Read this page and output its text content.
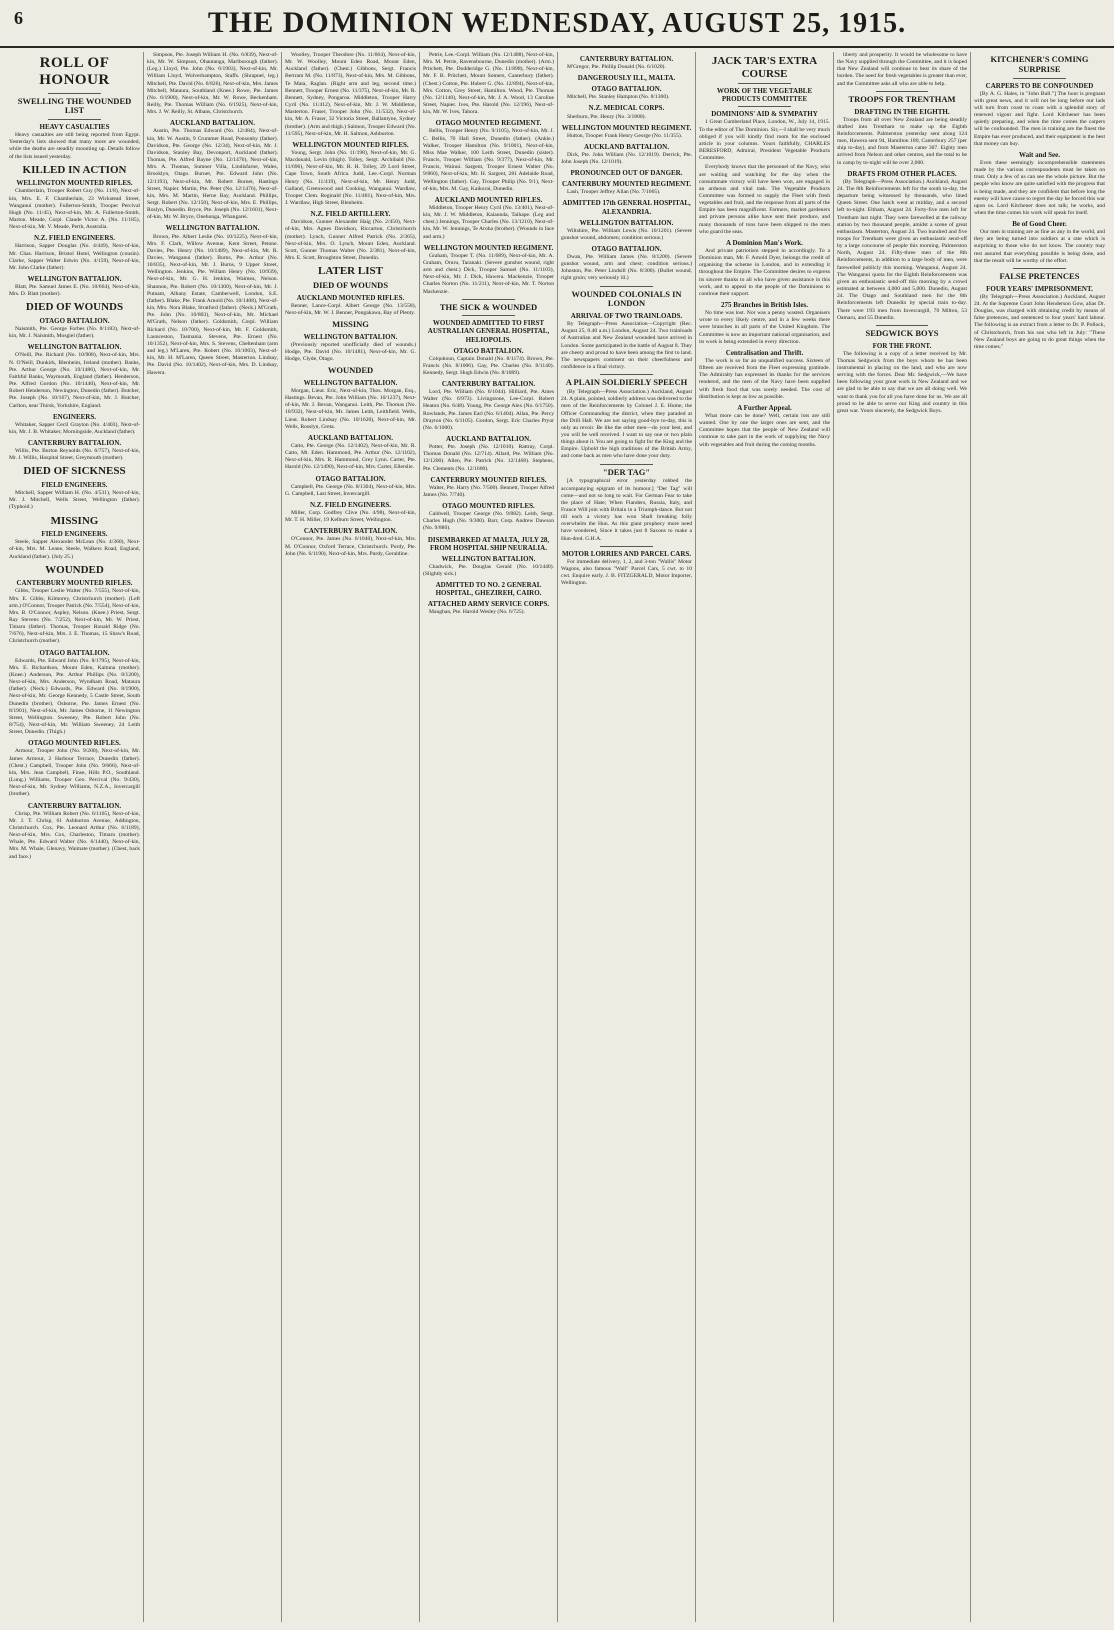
6	THE DOMINION WEDNESDAY, AUGUST 25, 1915.
ROLL OF HONOUR
SWELLING THE WOUNDED LIST
HEAVY CASUALTIES

Heavy casualties are still being reported from Egypt. Yesterday's lists showed that many more are wounded, while the deaths are steadily mounting up. Details follow of the lists issued yesterday.

KILLED IN ACTION
WELLINGTON MOUNTED RIFLES.

Chamberlain, Trooper Robert Guy (No. 11/8), Next-of-kin, Mrs. E. F. Chamberlain, 23 Wickstead Street, Wanganui (mother). Fullerton-Smith, Trooper Percival Hugh (No. 11/45), Next-of-kin, Mr. A. Fullerton-Smith, Marton. Meade, Corpl. Claude Victor A. (No. 11/185), Next-of-kin, Mr. V. Meade, Perth, Australia.

N.Z. FIELD ENGINEERS.

Harrison, Sapper Douglas (No. 4/449), Next-of-kin, Mr. Chas. Harrison, Bristol Hotel, Wellington (cousin). Clarke, Sapper Walter Edwin (No. 4/159), Next-of-kin, Mr. John Clarke (father).

WELLINGTON BATTALION.

Blatt, Pte. Samuel James E. (No. 10/664), Next-of-kin, Mrs. D. Blatt (mother).

DIED OF WOUNDS
OTAGO BATTALION.

Naismith, Pte. George Forbes (No. 8/1183), Next-of-kin, Mr. J. Naismith, Mosgiel (father).

WELLINGTON BATTALION.

O'Neill, Pte. Richard (No. 10/908), Next-of-kin, Mrs. N. O'Neill, Dunkirk, Blenheim, Ireland (mother). Banks, Pte. Arthur George (No. 10/1486), Next-of-kin, Mr. Faithful Banks, Waymouth, England (father). Henderson, Pte. Alfred Gordon (No. 10/1440), Next-of-kin, Mr. Robert Henderson, Newington, Dunedin (father). Butcher, Pte. Joseph (No. 10/167), Next-of-kin, Mr. J. Butcher, Carlton, near Thirsk, Yorkshire, England.

ENGINEERS.

Whitaker, Sapper Cecil Grayton (No. 4/403), Next-of-kin, Mr. J. B. Whitaker, Morningside, Auckland (father).

CANTERBURY BATTALION.

Willis, Pte. Burton Reynolds (No. 6/757), Next-of-kin, Mr. J. Willis, Hospital Street, Greymouth (mother).

DIED OF SICKNESS
FIELD ENGINEERS.

Mitchell, Sapper William H. (No. 4/531), Next-of-kin, Mr. J. Mitchell, Wells Street, Wellington (father). (Typhoid.)

MISSING
FIELD ENGINEERS.

Steele, Sapper Alexander McLean (No. 4/360), Next-of-kin, Mrs. M. Leane, Steele, Walkers Road, England, Auckland (father). (July 25.)

WOUNDED
CANTERBURY MOUNTED RIFLES.

Gibbs, Trooper Leslie Walter (No. 7/555), Next-of-kin, Mrs. E. Gibbs, Kilmorey, Christchurch (mother). (Left arm.) O'Connor, Trooper Patrick (No. 7/554), Next-of-kin, Mrs. B. O'Connor, Aspley, Nelson. (Knee.) Priest, Sergt. Ray Stevens (No. 7/252), Next-of-kin, Mr. W. Priest, Timaru (father). Thomas, Trooper Ronald Ridge (No. 7/676), Next-of-kin, Mrs. J. E. Thomas, 15 Shaw's Road, Christchurch (mother).

OTAGO BATTALION.

Edwards, Pte. Edward John (No. 8/1795), Next-of-kin, Mrs. E. Richardson, Mount Eden, Kaituna (mother). (Knee.) Anderson, Pte. Arthur Phillips (No. 8/1200), Next-of-kin, Mrs. Anderson, Wyndham Road, Mataura (father). (Neck.) Edwards, Pte. Edward (No. 8/1900), Next-of-kin, Mr. George Kennedy, 5 Castle Street, South Dunedin (brother). Osborne, Pte. James Ernest (No. 8/1901), Next-of-kin, Mr. James Osborne, 11 Newington Street, Wellington. Sweeney, Pte. Robert John (No. 8/754), Next-of-kin, Mr. William Sweeney, 24 Leith Street, Dunedin. (Thigh.)

OTAGO MOUNTED RIFLES.

Armour, Trooper John (No. 9/200), Next-of-kin, Mr. James Armour, 2 Harbour Terrace, Dunedin (father). (Chest.) Campbell, Trooper John (No. 9/666), Next-of-kin, Mrs. Jean Campbell, Finse, Hills P.O., Southland. (Lung.) Williams, Trooper Geo. Percival (No. 9/430), Next-of-kin, Mr. Sydney Williams, N.Z.A., Invercargill (brother).

CANTERBURY BATTALION.

Chrisp, Pte. William Robert (No. 6/1165), Next-of-kin, Mr. J. T. Chrisp, 61 Ashburton Avenue, Addington, Christchurch. Cox, Pte. Leonard Arthur (No. 6/1189), Next-of-kin, Mrs. Cox, Charleston, Timaru (mother). Whale, Pte. Edward Walter (No. 6/1440), Next-of-kin, Mrs. M. Whale, Glenavy, Waimate (mother). (Chest, back and face.)

Simpson, Pte. Joseph William H. (No. 6/839), Next-of-kin, Mr. W. Simpson, Ohautanga, Marlborough (father). (Leg.) Lloyd, Pte. John (No. 6/1903), Next-of-kin, Mr. William Lloyd, Wolverhampton, Staffs. (Shrapnel, leg.) Mitchell, Pte. David (No. 6/826), Next-of-kin, Mrs. James Mitchell, Mataura, Southland (Knee.) Rowe, Pte. James (No. 6/1900), Next-of-kin, Mr. W. Rowe, Beckenham. Reilly, Pte. Thomas William (No. 6/1925), Next-of-kin, Mrs. J. W. Reilly, St. Albans, Christchurch.

AUCKLAND BATTALION.

Austin, Pte. Thomas Edward (No. 12/484), Next-of-kin, Mr. W. Austin, 9 Crummer Road, Ponsonby (father). Davidson, Pte. George (No. 12/34), Next-of-kin, Mr. J. Davidson, Stanley Bay, Devonport, Auckland (father). Thomas, Pte. Alfred Bayne (No. 12/1476), Next-of-kin, Mrs. A. Thomas, Sumner Villa, Lindisfarne, Wales, Brooklyn, Otago. Burnet, Pte. Edward John (No. 12/1193), Next-of-kin, Mr. Robert Burnet, Hastings Street, Napier. Martin, Pte. Peter (No. 12/1476), Next-of-kin, Mrs. M. Martin, Herne Bay, Auckland. Phillips, Sergt. Robert (No. 12/150), Next-of-kin, Mrs. E. Phillips, Roslyn, Dunedin. Bryce, Pte. Joseph (No. 12/1601), Next-of-kin, Mr. W. Bryce, Onehunga, Whangarei.

WELLINGTON BATTALION.

Brown, Pte. Albert Leslie (No. 10/1225), Next-of-kin, Mrs. F. Clark, Willow Avenue, Kent Street, Petone. Davies, Pte. Henry (No. 10/1489), Next-of-kin, Mr. R. Davies, Wanganui (father). Burns, Pte. Arthur (No. 10/835), Next-of-kin, Mr. J. Burns, 9 Upper Street, Wellington. Jenkins, Pte. Willam Henry (No. 10/939), Next-of-kin, Mr. G. H. Jenkins, Waimea, Nelson. Shannon, Pte. Robert (No. 10/1300), Next-of-kin, Mr. J. Putnam, Albany Estate, Camberwell, London, S.E. (father). Blake, Pte. Frank Arnold (No. 10/1408), Next-of-kin, Mrs. Nora Blake, Stratford (father). (Neck.) M'Grath, Pte. John (No. 10/803), Next-of-kin, Mr. Michael M'Grath, Nelson (father). Goldsmith, Corpl. William Richard (No. 10/700), Next-of-kin, Mr. F. Goldsmith, Launceston, Tasmania. Stevens, Pte. Ernest (No. 10/1352), Next-of-kin, Mrs. S. Stevens, Cheltenham (arm and leg.) M'Laren, Pte. Robert (No. 10/1003), Next-of-kin, Mr. H. M'Laren, Queen Street, Masterton. Lindsay, Pte. David (No. 10/1402), Next-of-kin, Mrs. D. Lindsay, Hawera.

Woolley, Trooper Theodore (No. 11/664), Next-of-kin, Mr. W. Woolley, Mount Eden Road, Mount Eden, Auckland (father). (Chest.) Gibbons, Sergt. Francis Bertram M. (No. 11/873), Next-of-kin, Mrs. M. Gibbons, Te Mata, Raglan. (Right arm and leg, second time.) Bennett, Trooper Ernest (No. 11/375), Next-of-kin, Mr. R. Bennett, Sydney, Pongaroa. Middleton, Trooper Harry Cyril (No. 11/412), Next-of-kin, Mr. J. W. Middleton, Masterton. Fraser, Trooper John (No. 11/532), Next-of-kin, Mr. A. Fraser, 32 Victoria Street, Ballantyne, Sydney (brother). (Arm and thigh.) Salmon, Trooper Edward (No. 11/595), Next-of-kin, Mr. H. Salmon, Ashburton.

WELLINGTON MOUNTED RIFLES.

Young, Sergt. John (No. 11/198), Next-of-kin, Mr. G. Macdonald, Levin (thigh). Tolley, Sergt. Archibald (No. 11/696), Next-of-kin, Mr. R. H. Tolley, 29 Lord Street, Cape Town, South Africa. Judd, Lee.-Corpl. Norman Henry (No. 11/419), Next-of-kin, Mr. Henry Judd, Galland, Greenwood and Cooking, Wanganui. Wardlaw, Trooper Clem. Reginald (No. 11/481), Next-of-kin, Mrs. J. Wardlaw, High Street, Blenheim.

N.Z. FIELD ARTILLERY.

Davidson, Gunner Alexander Haig (No. 2/450), Next-of-kin, Mrs. Agnes Davidson, Riccarton, Christchurch (mother). Lynch, Gunner Alfred Patrick (No. 2/365), Next-of-kin, Mrs. O. Lynch, Mount Eden, Auckland. Scott, Gunner Thomas Walter (No. 2/381), Next-of-kin, Mrs. E. Scott, Broughton Street, Dunedin.

LATER LIST
DIED OF WOUNDS
AUCKLAND MOUNTED RIFLES.

Benner, Lance-Corpl. Albert George (No. 13/558), Next-of-kin, Mr. W. J. Benner, Pongakawa, Bay of Plenty.

MISSING
WELLINGTON BATTALION.

(Previously reported unofficially died of wounds.) Hodge, Pte. David (No. 10/1481), Next-of-kin, Mr. G. Hodge, Clyde, Otago.

WOUNDED
WELLINGTON BATTALION.

Morgan, Lieut. Eric, Next-of-kin, Thos. Morgan, Esq., Hastings. Bevan, Pte. John William (No. 10/1237), Next-of-kin, Mr. J. Bevan, Wanganui. Leith, Pte. Thomas (No. 10/932), Next-of-kin, Mr. James Leith, Leithfield. Wells, Lieut. Robert Lindsay (No. 10/1620), Next-of-kin, Mr. Wells, Rosslyn, Greta.

AUCKLAND BATTALION.

Catto, Pte. George (No. 12/1402), Next-of-kin, Mr. R. Catto, Mt. Eden. Hammond, Pte. Arthur (No. 12/1102), Next-of-kin, Mrs. R. Hammond, Grey Lynn. Carter, Pte. Harold (No. 12/1490), Next-of-kin, Mrs. Carter, Ellerslie.

OTAGO BATTALION.

Campbell, Pte. George (No. 8/1304), Next-of-kin, Mrs. G. Campbell, Last Street, Invercargill.

N.Z. FIELD ENGINEERS.

Miller, Corp. Godfrey Clive (No. 4/98), Next-of-kin, Mr. T. H. Miller, 19 Kelburn Street, Wellington.

CANTERBURY BATTALION.

O'Connor, Pte. James (No. 6/1040), Next-of-kin, Mrs. M. O'Connor, Oxford Terrace, Christchurch. Purdy, Pte. John (No. 6/1190), Next-of-kin, Mrs. Purdy, Geraldine.

Petrie, Lee.-Corpl. William (No. 12/1488), Next-of-kin, Mrs. M. Petrie, Ravensbourne, Dunedin (mother). (Arm.) Pritchett, Pte. Dodderidge G. (No. 11/898), Next-of-kin, Mr. F. B. Pritchett, Mount Somers, Canterbury (father). (Chest.) Cotton, Pte. Hubert G. (No. 12/894), Next-of-kin, Mrs. Cotton, Grey Street, Hamilton. Wood, Pte. Thomas (No. 12/1140), Next-of-kin, Mr. J. A. Wood, 13 Caroline Street, Napier. Ives, Pte. Harold (No. 12/196), Next-of-kin, Mr. W. Ives, Tahora.

OTAGO MOUNTED REGIMENT.

Bellis, Trooper Henry (No. 9/1105), Next-of-kin, Mr. J. C. Bellis, 70 Hall Street, Dunedin (father). (Ankle.) Walker, Trooper Hamilton (No. 9/1001), Next-of-kin, Miss Mae Walker, 100 Leith Street, Dunedin (sister). Francis, Trooper William (No. 9/377), Next-of-kin, Mr. Francis, Wainui. Sargent, Trooper Ernest Walter (No. 9/860), Next-of-kin, Mr. H. Sargent, 281 Adelaide Road, Wellington (father). Gay, Trooper Philip (No. 9/1), Next-of-kin, Mrs. M. Gay, Kaikorai, Dunedin.

AUCKLAND MOUNTED RIFLES.

Middleton, Trooper Henry Cyril (No. 13/401), Next-of-kin, Mr. J. W. Middleton, Kaiaunda, Taihape. (Leg and chest.) Jennings, Trooper Charles (No. 13/1210), Next-of-kin, Mr. W. Jennings, Te Aroha (brother). (Wounds in face and arm.)

WELLINGTON MOUNTED REGIMENT.

Graham, Trooper T. (No. 11/689), Next-of-kin, Mr. A. Graham, Oruru, Taranaki. (Severe gunshot wound, right arm and chest.) Dick, Trooper Samuel (No. 11/1103), Next-of-kin, Mr. J. Dick, Hawera. Mackenzie, Trooper Charles Norton (No. 11/211), Next-of-kin, Mr. T. Norton Mackenzie.

THE SICK & WOUNDED
WOUNDED ADMITTED TO FIRST AUSTRALIAN GENERAL HOSPITAL, HELIOPOLIS.
OTAGO BATTALION.

Colquhoun, Captain Donald (No. 8/1174). Brown, Pte. Francis (No. 8/1006). Gay, Pte. Charles (No. 8/1140). Kennedy, Sergt. Hugh Edwin (No. 8/1089).

CANTERBURY BATTALION.

Lord, Pte. William (No. 6/1044). Hilliard, Pte. Ames Walter (No. 6/973). Livingstone, Lee-Corpl. Robert Heaton (No. 6/48). Young, Pte. George Alex (No. 6/1750). Rowlands, Pte. James Earl (No. 6/1404). Allan, Pte. Percy Drayton (No. 6/1105). Gordon, Sergt. Eric Charles Pryor (No. 6/1000).

AUCKLAND BATTALION.

Potter, Pte. Joseph (No. 12/1010). Rattray, Corpl. Thomas Donald (No. 12/714). Allard, Pte. William (No. 12/1200). Allen, Pte. Patrick (No. 12/1468). Stephens, Pte. Clements (No. 12/1600).

CANTERBURY MOUNTED RIFLES.

Walter, Pte. Harry (No. 7/500). Bennett, Trooper Alfred James (No. 7/740).

OTAGO MOUNTED RIFLES.

Caldwell, Trooper George (No. 9/882). Leith, Sergt. Charles Hugh (No. 9/300). Barr, Corp. Andrew Dawson (No. 9/880).

DISEMBARKED AT MALTA, JULY 28, FROM HOSPITAL SHIP NEURALIA.
WELLINGTON BATTALION.

Chadwick, Pte. Douglas Gerald (No. 10/1440). (Slightly sick.)

ADMITTED TO NO. 2 GENERAL HOSPITAL, GHEZIREH, CAIRO.
ATTACHED ARMY SERVICE CORPS.

Maughan, Pte. Harold Wesley (No. 6/725).

CANTERBURY BATTALION.

M'Gregor, Pte. Phillip Donald (No. 6/1020).

DANGEROUSLY ILL, MALTA.
OTAGO BATTALION.

Mitchell, Pte. Stanley Hampton (No. 8/1300).

N.Z. MEDICAL CORPS.

Sherburn, Pte. Henry (No. 3/1800).

WELLINGTON MOUNTED REGIMENT.

Hutton, Trooper Frank Henry George (No. 11/355).

AUCKLAND BATTALION.

Dick, Pte. John William (No. 12/1019). Derrick, Pte. John Joseph (No. 12/1019).

PRONOUNCED OUT OF DANGER.
CANTERBURY MOUNTED REGIMENT.

Lash, Trooper Jeffrey Allan (No. 7/1065).

ADMITTED 17th GENERAL HOSPITAL, ALEXANDRIA.
WELLINGTON BATTALION.

Wiltshire, Pte. William Lewis (No. 10/1201). (Severe gunshot wound, abdomen; condition serious.)

OTAGO BATTALION.

Dwan, Pte. William James (No. 8/1200). (Severe gunshot wound, arm and chest; condition serious.) Johnston, Pte. Peter Lindsill (No. 8/300). (Bullet wound, right groin; very seriously ill.)

WOUNDED COLONIALS IN LONDON
ARRIVAL OF TWO TRAINLOADS.

By Telegraph—Press Association—Copyright (Rec. August 25, 0.40 a.m.) London, August 24. Two trainloads of Australian and New Zealand wounded have arrived in London. Some participated in the battle of August 8. They are cheery and proud to have been among the first to land. The newspapers comment on their cheerfulness and confidence in a final victory.

A PLAIN SOLDIERLY SPEECH

(By Telegraph—Press Association.) Auckland, August 24. A plain, pointed, soldierly address was delivered to the men of the Reinforcements by Colonel J. E. Hume, the Officer Commanding the district, when they paraded at the Drill Hall. We are not saying good-bye to-day, this is only au revoir. Be like the other men—do your best, and you will be well received. I want to say one or two plain things about it. You are going to fight for the King and the Empire. Uphold the high traditions of the British Army, and come back as men who have done your duty.

"DER TAG"

[A typographical error yesterday robbed the accompanying epigram of its humour.] "Der Tag" will come—and not so long to wait. For German Fear to take the place of Hate; When Flanders, Russia, Italy, and France Will join with Britain in a Triumph-dance. But not till each a victory has won Shall breaking folly overwhelm the Hun. As this giant prophecy more need have wondered, Since it takes just 8 Saxons to make a Hun-dred. G.H.A.

MOTOR LORRIES AND PARCEL CARS.

For immediate delivery, 1, 2, and 3-ton "Wallis" Motor Wagons, also famous "Wall" Parcel Cars, 5 cwt. to 10 cwt. Enquire early. J. B. FITZGERALD, Motor Importer, Wellington.

JACK TAR'S EXTRA COURSE
WORK OF THE VEGETABLE PRODUCTS COMMITTEE
DOMINIONS' AID & SYMPATHY

1 Great Cumberland Place, London, W., July 14, 1915. To the editor of The Dominion. Sir,—I shall be very much obliged if you will kindly find room for the enclosed article in your columns. Yours faithfully, CHARLES BERESFORD, Admiral, President Vegetable Products Committee.

Everybody knows that the personnel of the Navy, who are waiting and watching for the day when the consummate victory will have been won, are engaged in an arduous and vital task. The Vegetable Products Committee was formed to supply the Fleet with fresh vegetables and fruit, and the response from all parts of the Empire has been magnificent. Farmers, market gardeners and private persons alike have sent their produce, and many thousands of tons have been shipped to the men who guard the seas.

A Dominion Man's Work.

And private patriotism stepped in accordingly. To a Dominion man, Mr. F. Arnold Dyer, belongs the credit of organising the scheme in London, and in extending it throughout the Empire. The Committee desires to express its sincere thanks to all who have given assistance in this work, and to appeal to the people of the Dominions to continue their support.

275 Branches in British Isles.

No time was lost. Nor was a penny wasted. Organisers wrote to every likely centre, and in a few weeks there were branches in all parts of the United Kingdom. The Committee is now an important national organisation, and its work is being extended in every direction.

Centralisation and Thrift.

The work is so far an unqualified success. Sixteen of fifteen are received from the Fleet expressing gratitude. The Admiralty has expressed its thanks for the services rendered, and the men of the Navy have been supplied with fresh food that was sorely needed. The cost of distribution is kept as low as possible.

A Further Appeal.

What more can be done? Well, certain lots are still wanted. One by one the larger ones are sent, and the Committee hopes that the people of New Zealand will continue to take part in the work of supplying the Navy with vegetables and fruit during the coming months.

liberty and prosperity. It would be wholesome to have the Navy supplied through the Committee, and it is hoped that New Zealand will continue to bear its share of the burden. The need for fresh vegetables is greater than ever, and the Committee asks all who are able to help.

TROOPS FOR TRENTHAM
DRAFTING IN THE EIGHTH.

Troops from all over New Zealand are being steadily drafted into Trentham to make up the Eighth Reinforcements. Palmerston yesterday sent along 124 men, Hawera sent 94, Hamilton 180, Canterbury 257 (per ship to-day), and from Masterton came 307. Eighty men arrived from Nelson and other centres, and the total to be in camp by to-night will be over 2,000.

DRAFTS FROM OTHER PLACES.

(By Telegraph—Press Association.) Auckland, August 24. The 8th Reinforcements left for the south to-day, the departure being witnessed by thousands, who lined Queen Street. One hatch went at midday, and a second left to-night. Eltham, August 24. Forty-five men left for Trentham last night. They were farewelled at the railway station by two thousand people, amidst a scene of great enthusiasm. Masterton, August 24. Two hundred and five troops for Trentham were given an enthusiastic send-off by a large concourse of people this morning. Palmerston North, August 24. Fifty-three men of the 8th Reinforcements, in addition to a large body of men, were farewelled publicly this morning. Wanganui, August 24. The Wanganui quota for the Eighth Reinforcements was given an enthusiastic send-off this morning by a crowd estimated at between 4,000 and 5,000. Dunedin, August 24. The Otago and Southland men for the 8th Reinforcements left Dunedin by special train to-day. There were 193 men from Invercargill, 70 Milton, 53 Oamaru, and 55 Dunedin.

SEDGWICK BOYS
FOR THE FRONT.

The following is a copy of a letter received by Mr. Thomas Sedgwick from the boys whom he has been instrumental in placing on the land, and who are now serving with the forces. Dear Mr. Sedgwick,—We have been following your great work in New Zealand and we are glad to be able to say that we are all doing well. We want to thank you for all you have done for us. We are all proud to be able to serve our King and country in this great war. Yours sincerely, the Sedgwick Boys.

KITCHENER'S COMING SURPRISE
CARPERS TO BE CONFOUNDED

[By A. G. Hales, in "John Bull."] The hour is pregnant with great news, and it will not be long before our lads will turn from coast to coast with a splendid story of renewed vigour and fight. Lord Kitchener has been quietly preparing, and when the time comes the carpers will be confounded. The men in training are the finest the Empire has ever produced, and their equipment is the best that money can buy.

Wait and See.

Even these seemingly incomprehensible statements made by the various correspondents must be taken on trust. Only a few of us can see the whole picture. But the people who know are quite satisfied with the progress that is being made, and they are confident that before long the enemy will have cause to regret the day he forced this war upon us. Lord Kitchener does not talk; he works, and when the time comes his work will speak for itself.

Be of Good Cheer.

Our men in training are as fine as any in the world, and they are being turned into soldiers at a rate which is surprising to those who do not know. The country may rest assured that everything possible is being done, and that the result will be worthy of the effort.

FALSE PRETENCES
FOUR YEARS' IMPRISONMENT.

(By Telegraph—Press Association.) Auckland, August 24. At the Supreme Court John Henderson Gow, alias Dr. Douglas, was charged with obtaining credit by means of false pretences, and sentenced to four years' hard labour. The following is an extract from a letter to Dr. P. Pollock, of Christchurch, from his son who left in July: "These New Zealand boys are going to do great things when the time comes."
